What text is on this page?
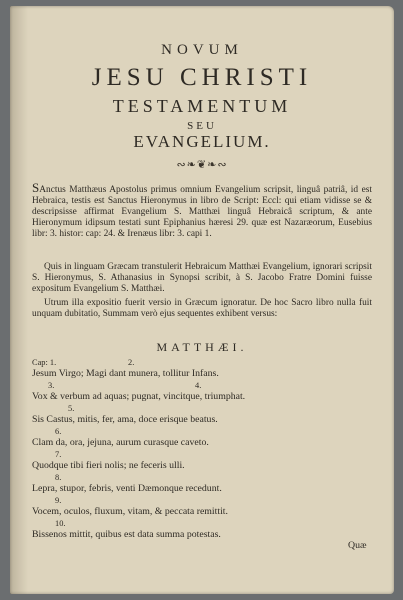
NOVUM
JESU CHRISTI
TESTAMENTUM
SEU
EVANGELIUM.
∾❧❦❧∾

SAnctus Matthæus Apostolus primus omnium Evangelium scripsit, linguâ patriâ, id est Hebraica, testis est Sanctus Hieronymus in libro de Script: Eccl: qui etiam vidisse se & descripsisse affirmat Evangelium S. Matthæi linguâ Hebraicâ scriptum, & ante Hieronymum idipsum testati sunt Epiphanius hæresi 29. quæ est Nazaræorum, Eusebius libr: 3. histor: cap: 24. & Irenæus libr: 3. capi 1.

Quis in linguam Græcam transtulerit Hebraicum Matthæi Evangelium, ignorari scripsit S. Hieronymus, S. Athanasius in Synopsi scribit, à S. Jacobo Fratre Domini fuisse expositum Evangelium S. Matthæi.

Utrum illa expositio fuerit versio in Græcum ignoratur. De hoc Sacro libro nulla fuit unquam dubitatio, Summam verò ejus sequentes exhibent versus:

MATTHÆI.
Cap: 1.	2.
Jesum Virgo; Magi dant munera, tollitur Infans.
3.	4.
Vox & verbum ad aquas; pugnat, vincitque, triumphat.
5.
Sis Castus, mitis, fer, ama, doce erisque beatus.
6.
Clam da, ora, jejuna, aurum curasque caveto.
7.
Quodque tibi fieri nolis; ne feceris ulli.
8.
Lepra, stupor, febris, venti Dæmonque recedunt.
9.
Vocem, oculos, fluxum, vitam, & peccata remittit.
10.
Bissenos mittit, quibus est data summa potestas.
Quæ
